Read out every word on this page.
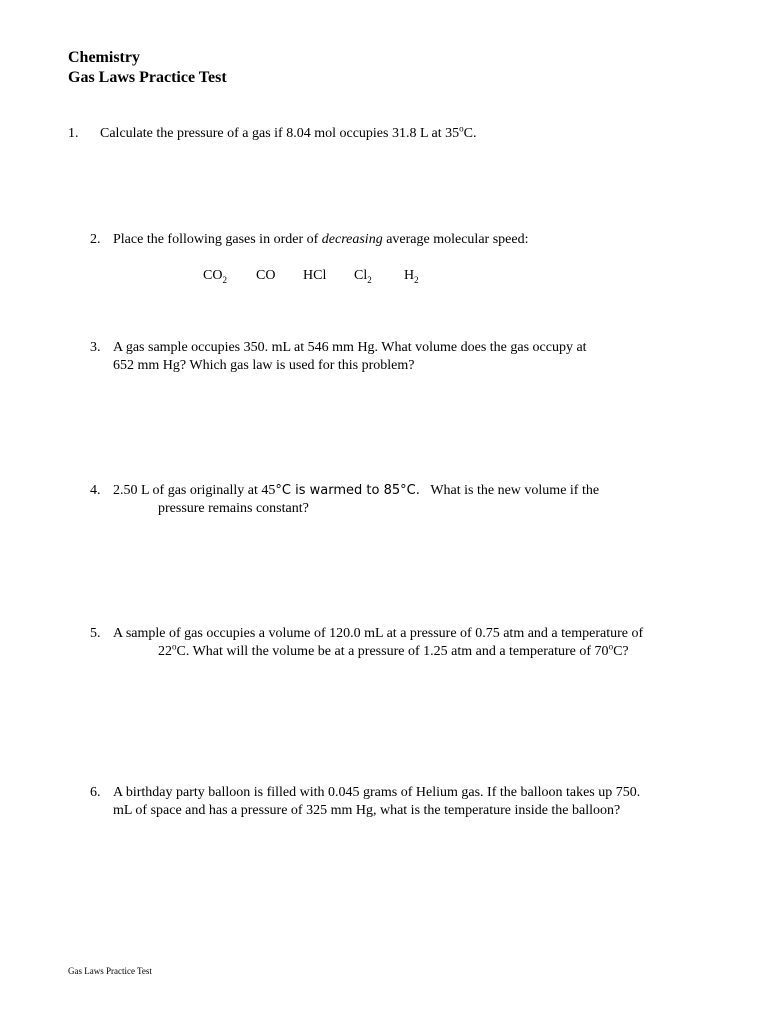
Chemistry
Gas Laws Practice Test
1. Calculate the pressure of a gas if 8.04 mol occupies 31.8 L at 35$^o$C.
2. Place the following gases in order of decreasing average molecular speed:
$CO_2$ CO HCl $Cl_2$ $H_2$
3. A gas sample occupies 350. mL at 546 mm Hg. What volume does the gas occupy at
652 mm Hg? Which gas law is used for this problem?
4. 2.50 L of gas originally at 45°C is warmed to 85°C. What is the new volume if the
pressure remains constant?
5. A sample of gas occupies a volume of 120.0 mL at a pressure of 0.75 atm and a temperature of
22$^o$C. What will the volume be at a pressure of 1.25 atm and a temperature of 70$^o$C?
6. A birthday party balloon is filled with 0.045 grams of Helium gas. If the balloon takes up 750.
mL of space and has a pressure of 325 mm Hg, what is the temperature inside the balloon?
Gas Laws Practice Test
